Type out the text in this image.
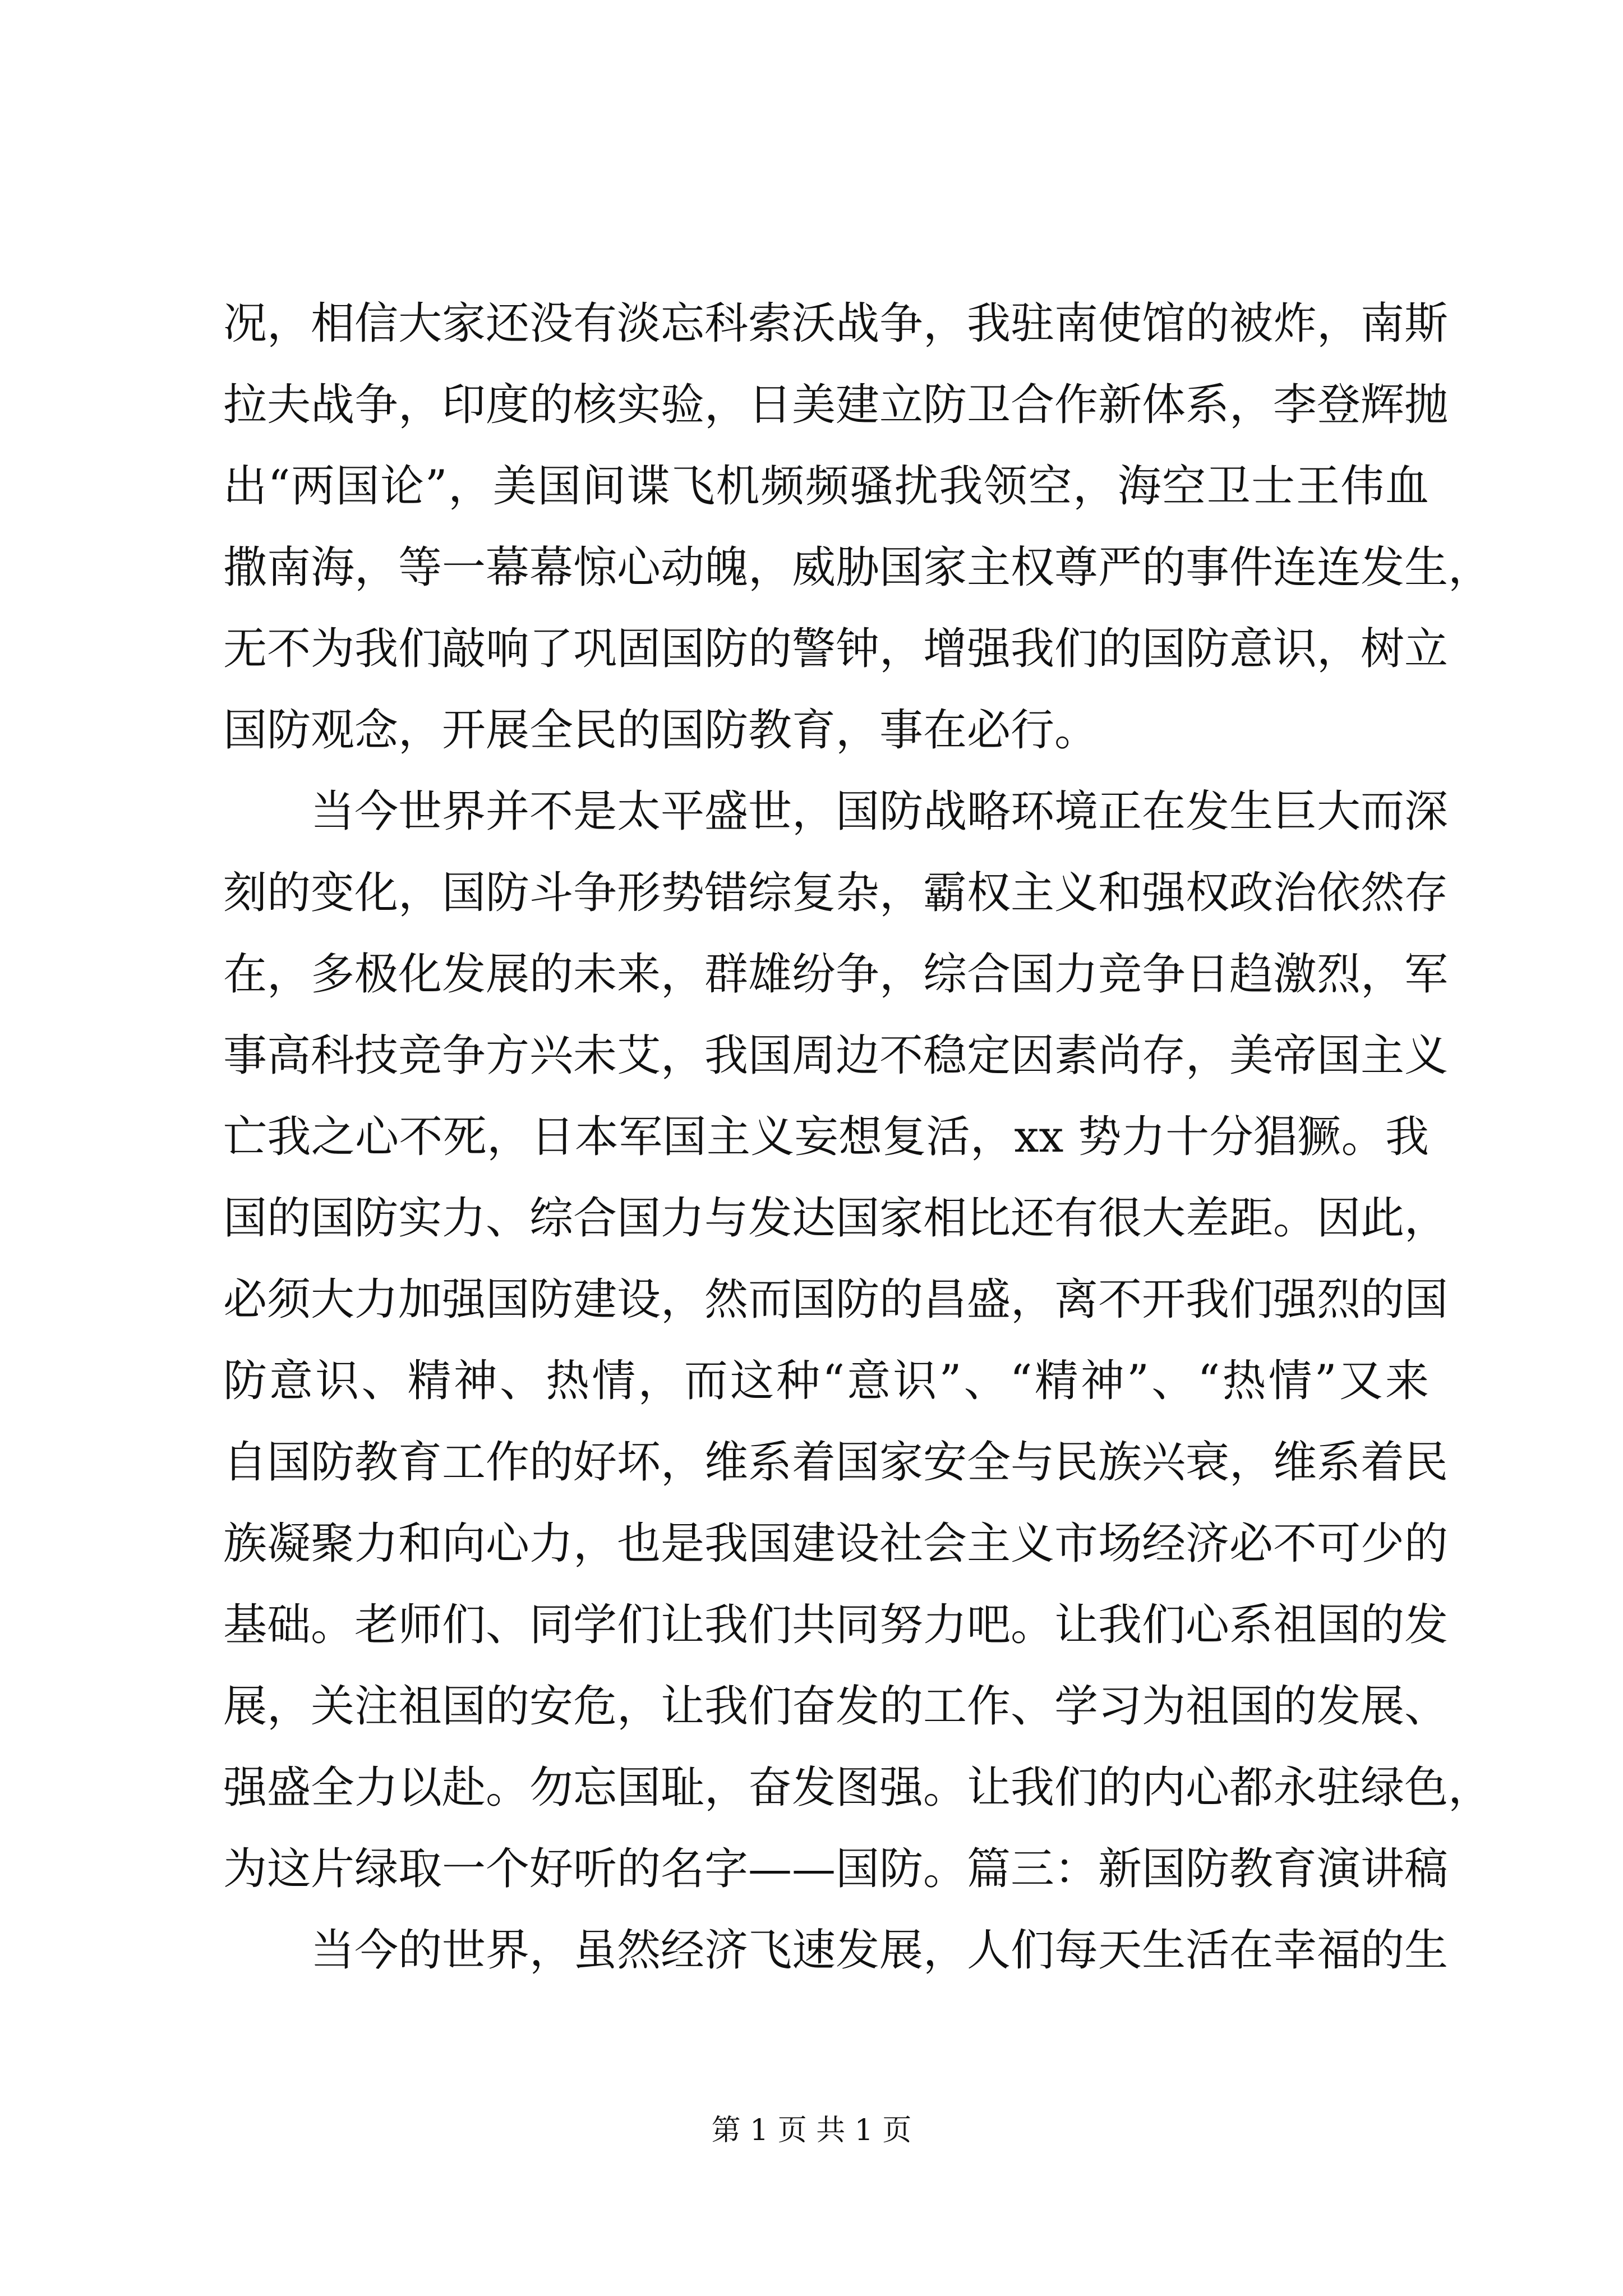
况，相信大家还没有淡忘科索沃战争，我驻南使馆的被炸，南斯
拉夫战争，印度的核实验，日美建立防卫合作新体系，李登辉抛
出“两国论”，美国间谍飞机频频骚扰我领空，海空卫士王伟血
撒南海，等一幕幕惊心动魄，威胁国家主权尊严的事件连连发生，
无不为我们敲响了巩固国防的警钟，增强我们的国防意识，树立
国防观念，开展全民的国防教育，事在必行。
当今世界并不是太平盛世，国防战略环境正在发生巨大而深
刻的变化，国防斗争形势错综复杂，霸权主义和强权政治依然存
在，多极化发展的未来，群雄纷争，综合国力竞争日趋激烈，军
事高科技竞争方兴未艾，我国周边不稳定因素尚存，美帝国主义
亡我之心不死，日本军国主义妄想复活，xx 势力十分猖獗。我
国的国防实力、综合国力与发达国家相比还有很大差距。因此，
必须大力加强国防建设，然而国防的昌盛，离不开我们强烈的国
防意识、精神、热情，而这种“意识”、“精神”、“热情”又来
自国防教育工作的好坏，维系着国家安全与民族兴衰，维系着民
族凝聚力和向心力，也是我国建设社会主义市场经济必不可少的
基础。老师们、同学们让我们共同努力吧。让我们心系祖国的发
展，关注祖国的安危，让我们奋发的工作、学习为祖国的发展、
强盛全力以赴。勿忘国耻，奋发图强。让我们的内心都永驻绿色，
为这片绿取一个好听的名字——国防。篇三：新国防教育演讲稿
当今的世界，虽然经济飞速发展，人们每天生活在幸福的生
第 1 页 共 1 页
